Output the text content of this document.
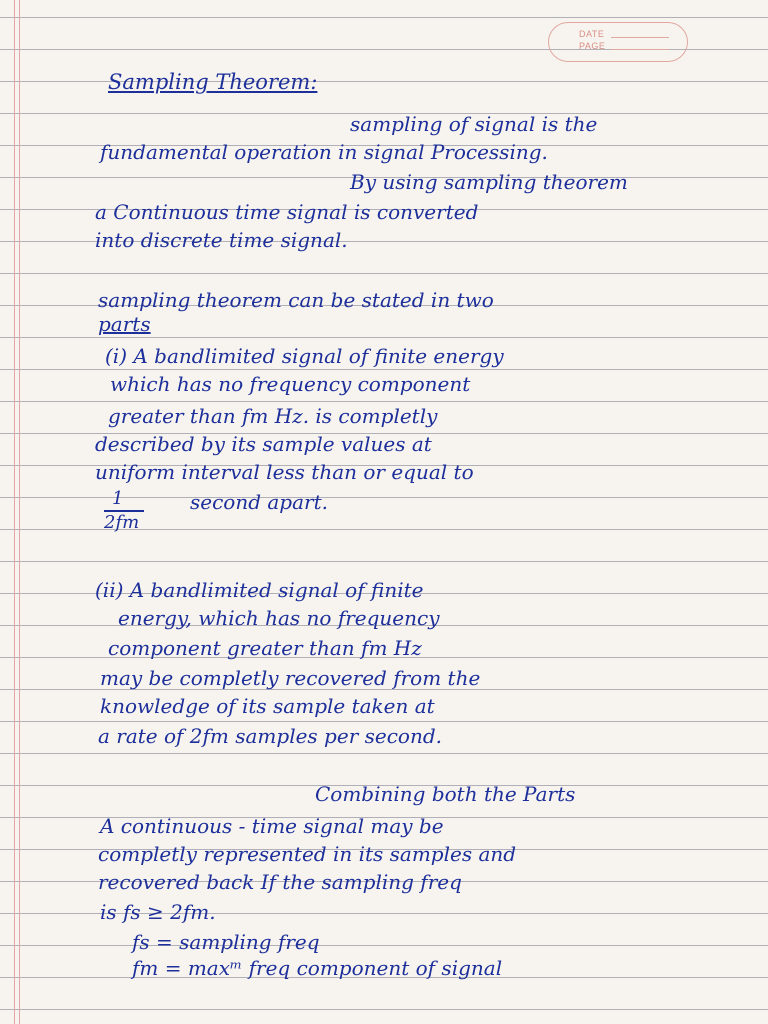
DATE
PAGE
Sampling Theorem:
sampling of signal is the
fundamental operation in signal Processing.
By using sampling theorem
a Continuous time signal is converted
into discrete time signal.
sampling theorem can be stated in two
parts
(i) A bandlimited signal of finite energy
which has no frequency component
greater than fm Hz. is completly
described by its sample values at
uniform interval less than or equal to
1
2fm
second apart.
(ii) A bandlimited signal of finite
energy, which has no frequency
component greater than fm Hz
may be completly recovered from the
knowledge of its sample taken at
a rate of 2fm samples per second.
Combining both the Parts
A continuous - time signal may be
completly represented in its samples and
recovered back If the sampling freq
is fs ≥ 2fm.
fs = sampling freq
fm = maxᵐ freq component of signal
